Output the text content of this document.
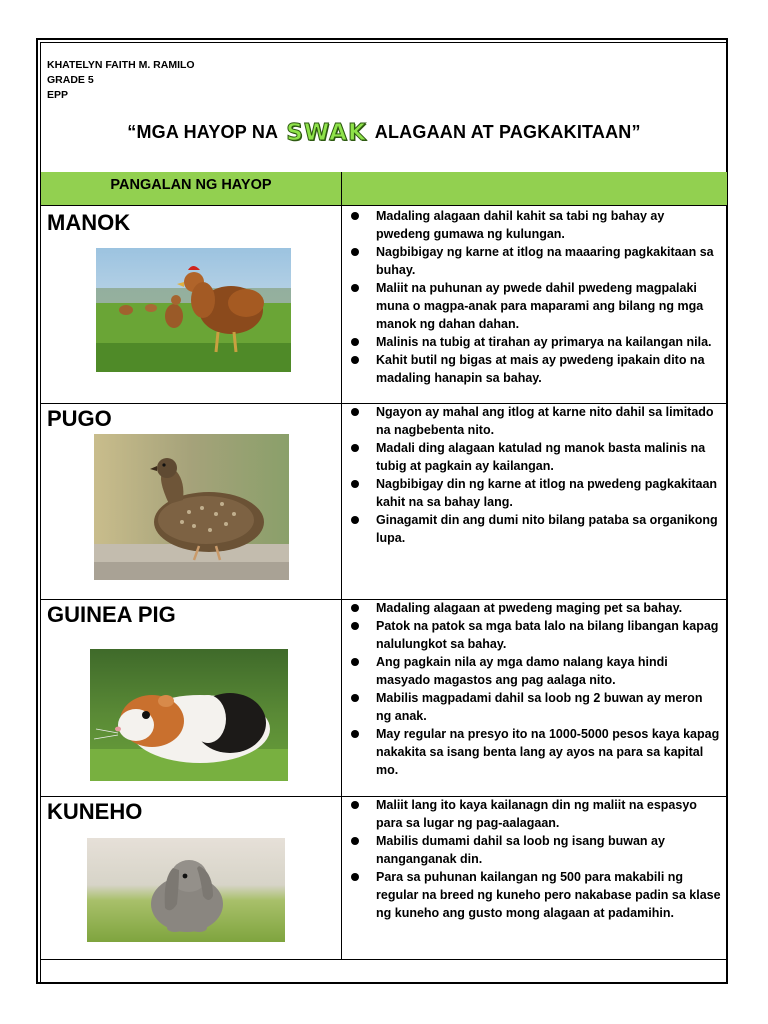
KHATELYN FAITH M. RAMILO
GRADE 5
EPP
“MGA HAYOP NA SWAK ALAGAAN AT PAGKAKITAAN”
PANGALAN NG HAYOP
MANOK	Madaling alagaan dahil kahit sa tabi ng bahay ay pwedeng gumawa ng kulungan.
Nagbibigay ng karne at itlog na maaaring pagkakitaan sa buhay.
Maliit na puhunan ay pwede dahil pwedeng magpalaki muna o magpa-anak para maparami ang bilang ng mga manok ng dahan dahan.
Malinis na tubig at tirahan ay primarya na kailangan nila.
Kahit butil ng bigas at mais ay pwedeng ipakain dito na madaling hanapin sa bahay.
PUGO	Ngayon ay mahal ang itlog at karne nito dahil sa limitado na nagbebenta nito.
Madali ding alagaan katulad ng manok basta malinis na tubig at pagkain ay kailangan.
Nagbibigay din ng karne at itlog na pwedeng pagkakitaan kahit na sa bahay lang.
Ginagamit din ang dumi nito bilang pataba sa organikong lupa.
GUINEA PIG	Madaling alagaan at pwedeng maging pet sa bahay.
Patok na patok sa mga bata lalo na bilang libangan kapag nalulungkot sa bahay.
Ang pagkain nila ay mga damo nalang kaya hindi masyado magastos ang pag aalaga nito.
Mabilis magpadami dahil sa loob ng 2 buwan ay meron ng anak.
May regular na presyo ito na 1000-5000 pesos kaya kapag nakakita sa isang benta lang ay ayos na para sa kapital mo.
KUNEHO	Maliit lang ito kaya kailanagn din ng maliit na espasyo para sa lugar ng pag-aalagaan.
Mabilis dumami dahil sa loob ng isang buwan ay nanganganak din.
Para sa puhunan kailangan ng 500 para makabili ng regular na breed ng kuneho pero nakabase padin sa klase ng kuneho ang gusto mong alagaan at padamihin.
